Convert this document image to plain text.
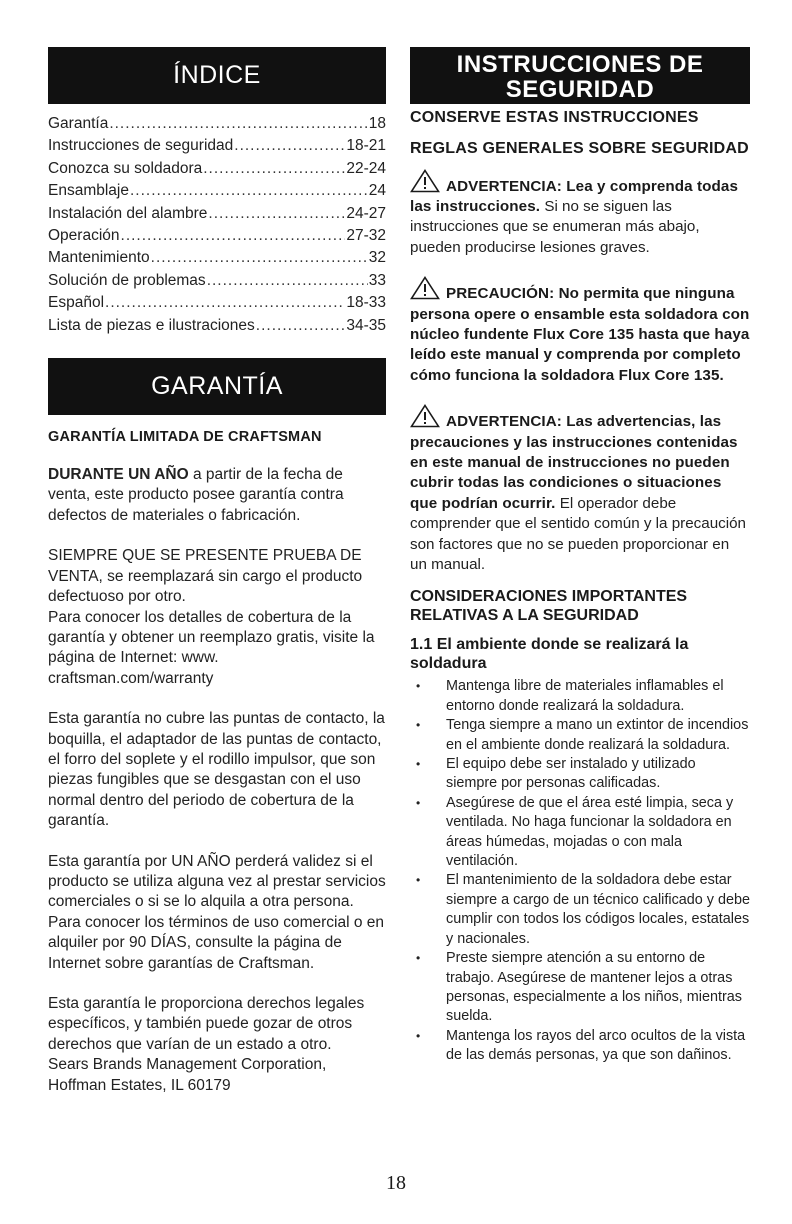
ÍNDICE
Garantía .....	18
Instrucciones de seguridad .....	18-21
Conozca su soldadora .....	22-24
Ensamblaje .....	24
Instalación del alambre .....	24-27
Operación .....	27-32
Mantenimiento .....	32
Solución de problemas .....	33
Español .....	18-33
Lista de piezas e ilustraciones .....	34-35
GARANTÍA
GARANTÍA LIMITADA DE CRAFTSMAN

DURANTE UN AÑO a partir de la fecha de venta, este producto posee garantía contra defectos de materiales o fabricación.

SIEMPRE QUE SE PRESENTE PRUEBA DE VENTA, se reemplazará sin cargo el producto defectuoso por otro.

Para conocer los detalles de cobertura de la garantía y obtener un reemplazo gratis, visite la página de Internet: www. craftsman.com/warranty

Esta garantía no cubre las puntas de contacto, la boquilla, el adaptador de las puntas de contacto, el forro del soplete y el rodillo impulsor, que son piezas fungibles que se desgastan con el uso normal dentro del periodo de cobertura de la garantía.

Esta garantía por UN AÑO perderá validez si el producto se utiliza alguna vez al prestar servicios comerciales o si se lo alquila a otra persona. Para conocer los términos de uso comercial o en alquiler por 90 DÍAS, consulte la página de Internet sobre garantías de Craftsman.

Esta garantía le proporciona derechos legales específicos, y también puede gozar de otros derechos que varían de un estado a otro.

Sears Brands Management Corporation,

Hoffman Estates, IL 60179

INSTRUCCIONES DE
SEGURIDAD
CONSERVE ESTAS INSTRUCCIONES
REGLAS GENERALES SOBRE SEGURIDAD

ADVERTENCIA: Lea y comprenda todas las instrucciones. Si no se siguen las instrucciones que se enumeran más abajo, pueden producirse lesiones graves.

PRECAUCIÓN: No permita que ninguna persona opere o ensamble esta soldadora con núcleo fundente Flux Core 135 hasta que haya leído este manual y comprenda por completo cómo funciona la soldadora Flux Core 135.

ADVERTENCIA: Las advertencias, las precauciones y las instrucciones contenidas en este manual de instrucciones no pueden cubrir todas las condiciones o situaciones que podrían ocurrir. El operador debe comprender que el sentido común y la precaución son factores que no se pueden proporcionar en un manual.

CONSIDERACIONES IMPORTANTES RELATIVAS A LA SEGURIDAD
1.1 El ambiente donde se realizará la soldadura
• Mantenga libre de materiales inflamables el entorno donde realizará la soldadura.
• Tenga siempre a mano un extintor de incendios en el ambiente donde realizará la soldadura.
• El equipo debe ser instalado y utilizado siempre por personas calificadas.
• Asegúrese de que el área esté limpia, seca y ventilada. No haga funcionar la soldadora en áreas húmedas, mojadas o con mala ventilación.
• El mantenimiento de la soldadora debe estar siempre a cargo de un técnico calificado y debe cumplir con todos los códigos locales, estatales y nacionales.
• Preste siempre atención a su entorno de trabajo. Asegúrese de mantener lejos a otras personas, especialmente a los niños, mientras suelda.
• Mantenga los rayos del arco ocultos de la vista de las demás personas, ya que son dañinos.
18
